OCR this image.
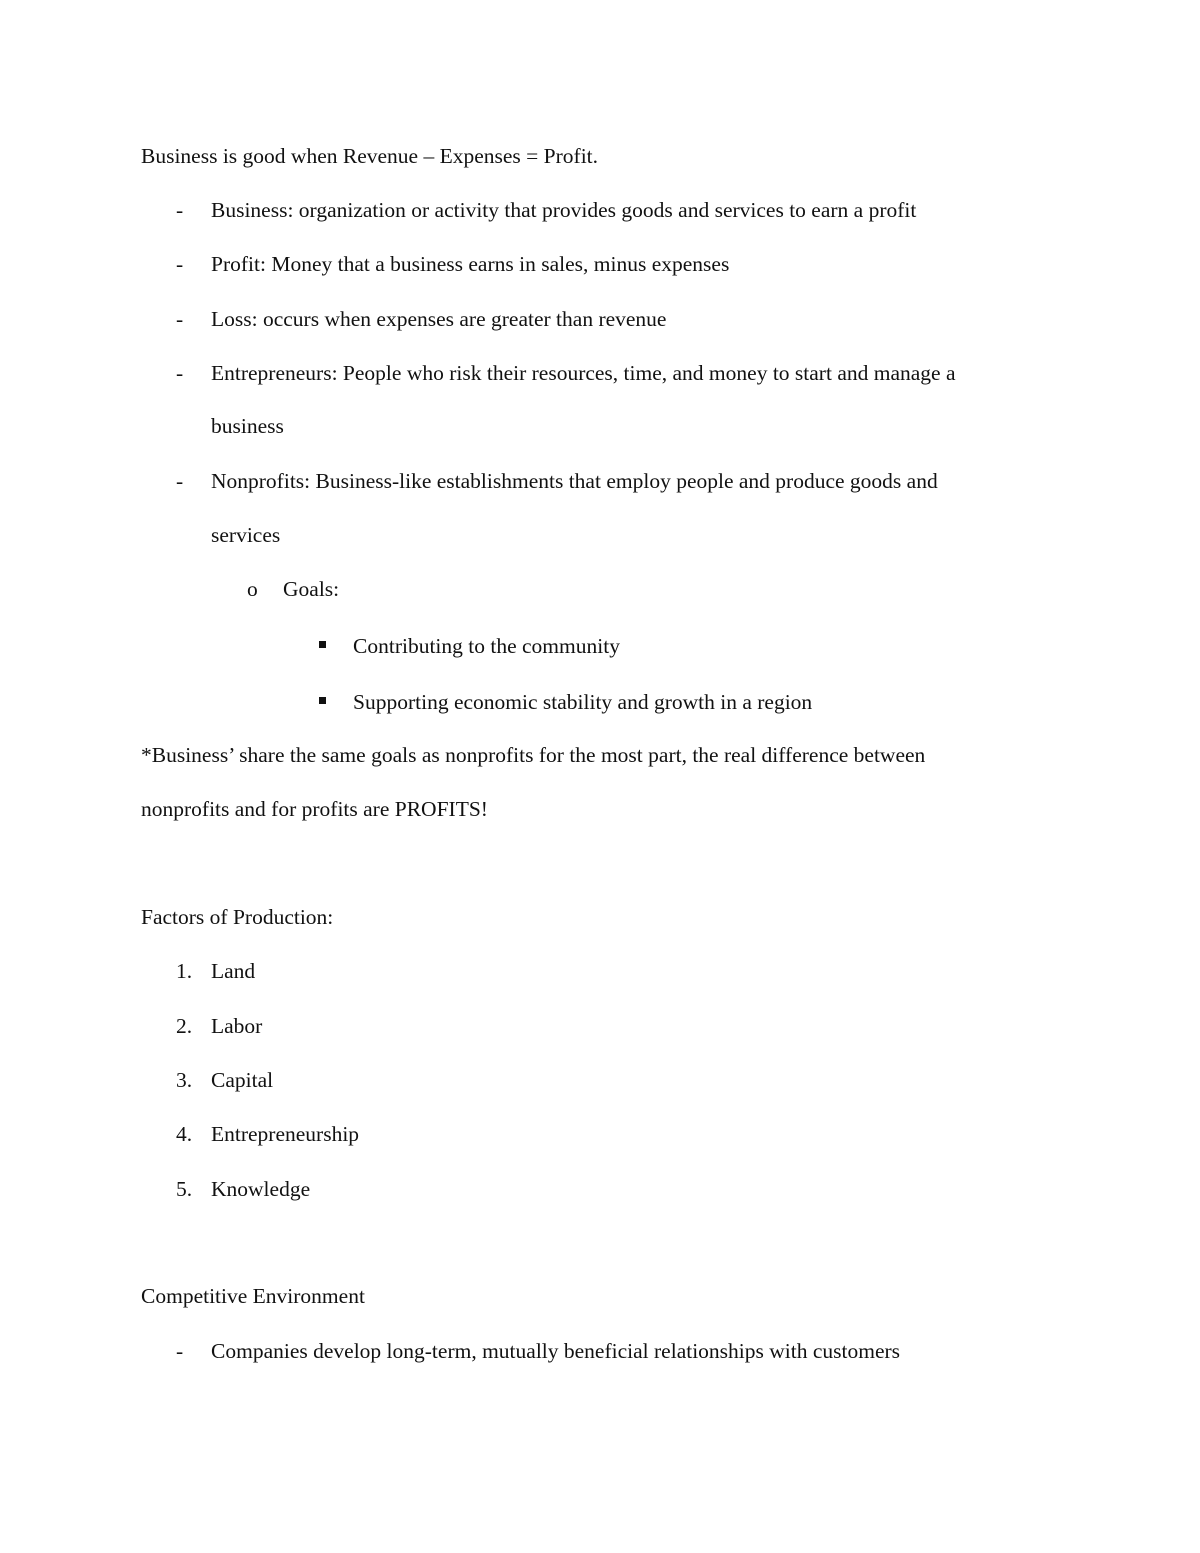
Business is good when Revenue – Expenses = Profit.
- Business: organization or activity that provides goods and services to earn a profit
- Profit: Money that a business earns in sales, minus expenses
- Loss: occurs when expenses are greater than revenue
- Entrepreneurs: People who risk their resources, time, and money to start and manage a
business
- Nonprofits: Business-like establishments that employ people and produce goods and
services
o Goals:
Contributing to the community
Supporting economic stability and growth in a region
*Business’ share the same goals as nonprofits for the most part, the real difference between
nonprofits and for profits are PROFITS!
Factors of Production:
1. Land
2. Labor
3. Capital
4. Entrepreneurship
5. Knowledge
Competitive Environment
- Companies develop long-term, mutually beneficial relationships with customers
